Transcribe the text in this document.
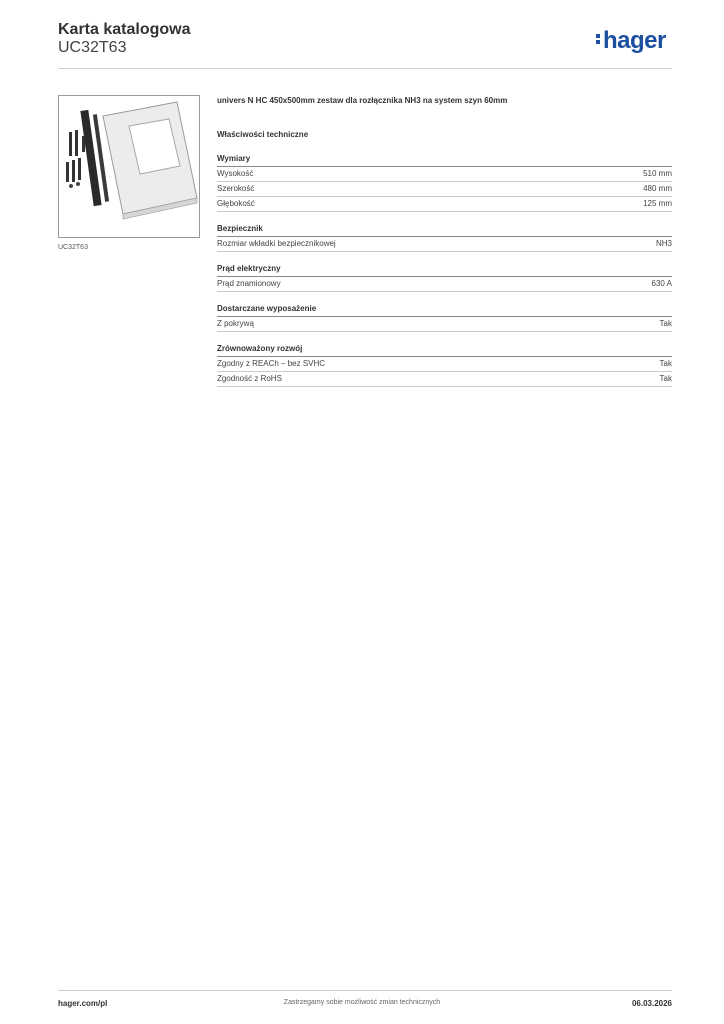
Karta katalogowa
UC32T63	hager
UC32T63
univers N HC 450x500mm zestaw dla rozłącznika NH3 na system szyn 60mm
Właściwości techniczne
Wymiary
Wysokość	510 mm
Szerokość	480 mm
Głębokość	125 mm
Bezpiecznik
Rozmiar wkładki bezpiecznikowej	NH3
Prąd elektryczny
Prąd znamionowy	630 A
Dostarczane wyposażenie
Z pokrywą	Tak
Zrównoważony rozwój
Zgodny z REACh – bez SVHC	Tak
Zgodność z RoHS	Tak
hager.com/pl	Zastrzegamy sobie możliwość zmian technicznych	06.03.2026
